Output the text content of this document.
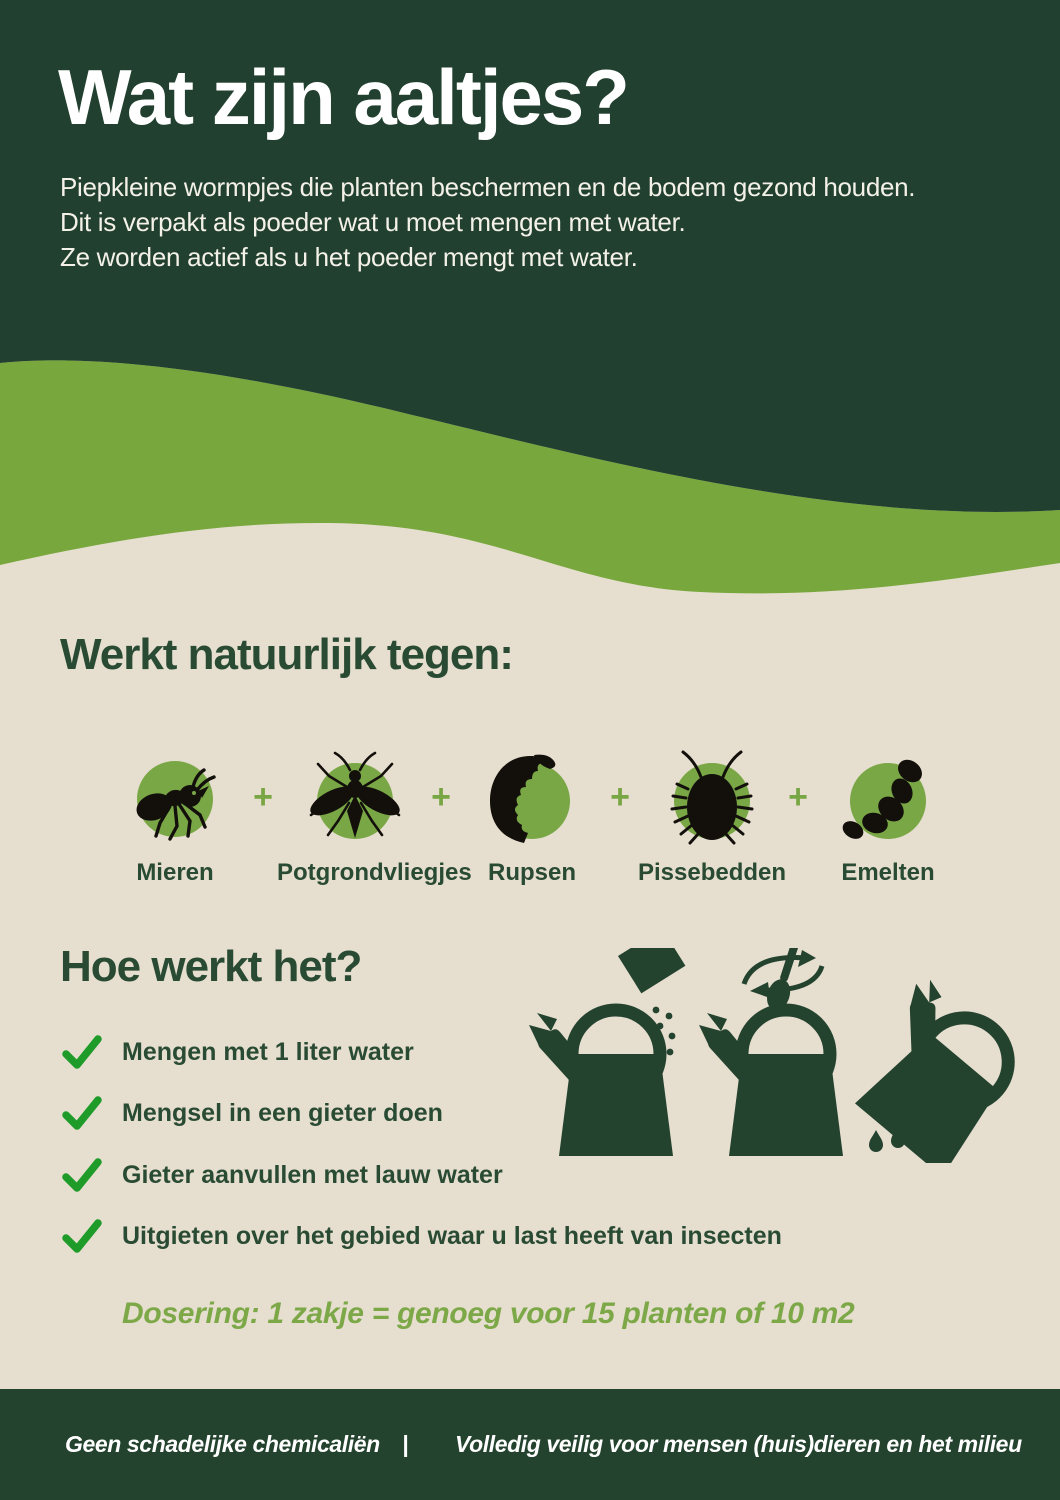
Wat zijn aaltjes?
Piepkleine wormpjes die planten beschermen en de bodem gezond houden.
Dit is verpakt als poeder wat u moet mengen met water.
Ze worden actief als u het poeder mengt met water.
Werkt natuurlijk tegen:
Mieren
+
Potgrondvliegjes
+
Rupsen
+
Pissebedden
+
Emelten
Hoe werkt het?
Mengen met 1 liter water
Mengsel in een gieter doen
Gieter aanvullen met lauw water
Uitgieten over het gebied waar u last heeft van insecten
Dosering: 1 zakje = genoeg voor 15 planten of 10 m2
Geen schadelijke chemicaliën | Volledig veilig voor mensen (huis)dieren en het milieu
